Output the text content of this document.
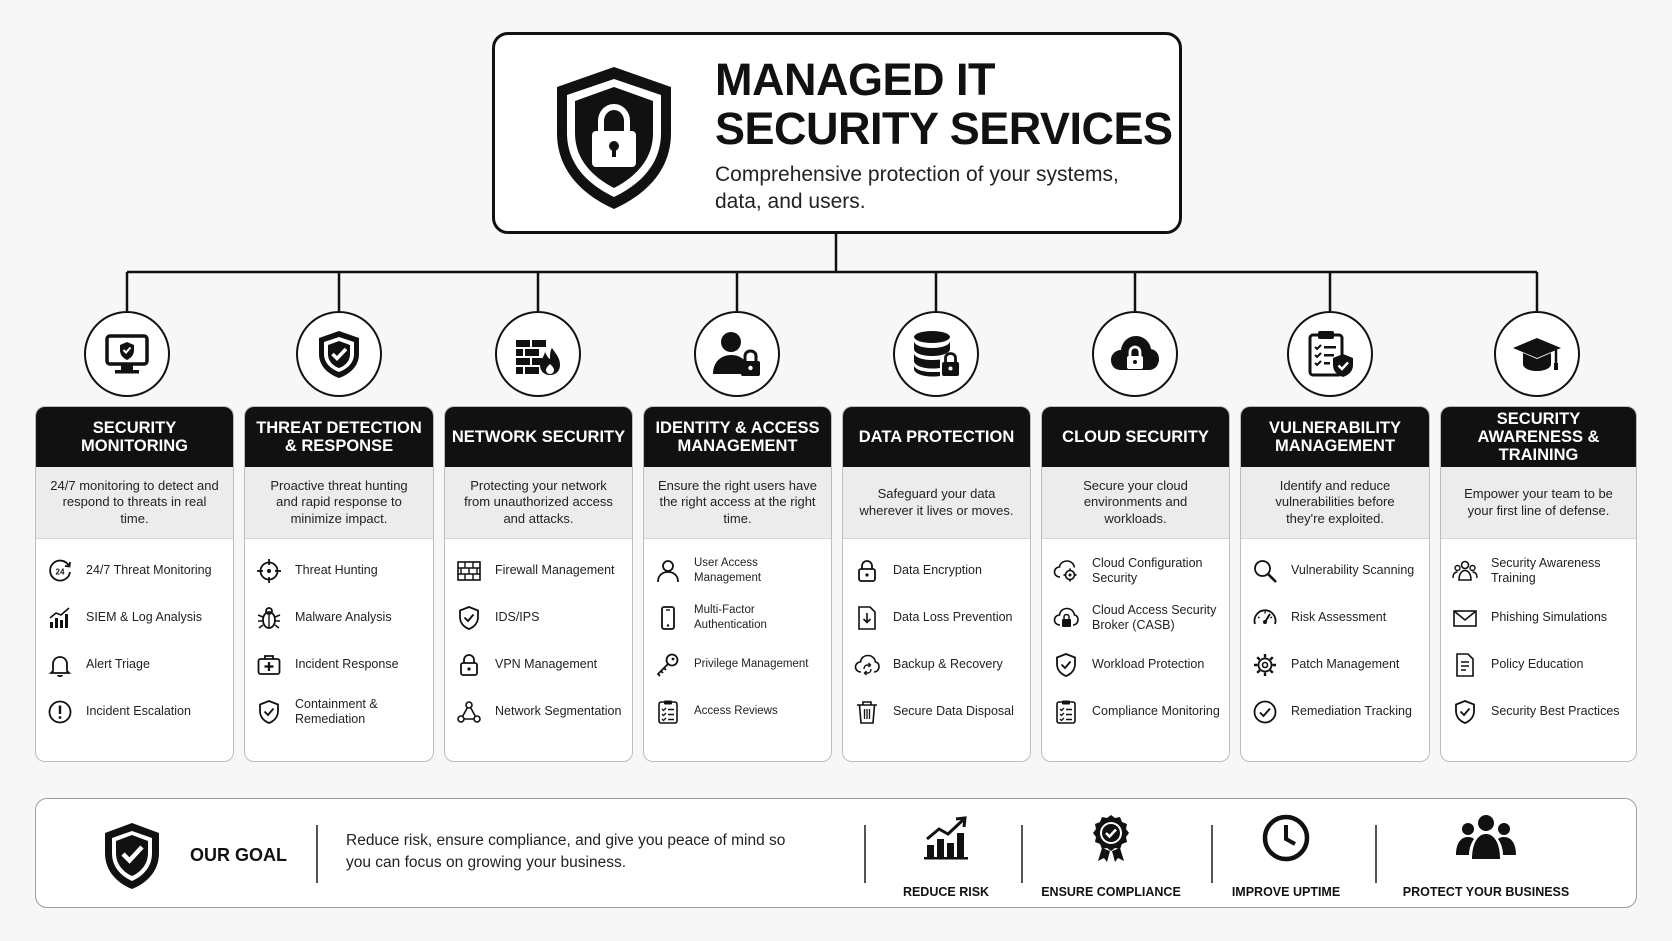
MANAGED IT
SECURITY SERVICES
Comprehensive protection of your systems, data, and users.
SECURITY MONITORING
24/7 monitoring to detect and respond to threats in real time.
24 24/7 Threat Monitoring
SIEM & Log Analysis
Alert Triage
Incident Escalation
THREAT DETECTION & RESPONSE
Proactive threat hunting and rapid response to minimize impact.
Threat Hunting
Malware Analysis
Incident Response
Containment & Remediation
NETWORK SECURITY
Protecting your network from unauthorized access and attacks.
Firewall Management
IDS/IPS
VPN Management
Network Segmentation
IDENTITY & ACCESS MANAGEMENT
Ensure the right users have the right access at the right time.
User Access Management
Multi-Factor Authentication
Privilege Management
Access Reviews
DATA PROTECTION
Safeguard your data wherever it lives or moves.
Data Encryption
Data Loss Prevention
Backup & Recovery
Secure Data Disposal
CLOUD SECURITY
Secure your cloud environments and workloads.
Cloud Configuration Security
Cloud Access Security Broker (CASB)
Workload Protection
Compliance Monitoring
VULNERABILITY MANAGEMENT
Identify and reduce vulnerabilities before they're exploited.
Vulnerability Scanning
Risk Assessment
Patch Management
Remediation Tracking
SECURITY AWARENESS & TRAINING
Empower your team to be your first line of defense.
Security Awareness Training
Phishing Simulations
Policy Education
Security Best Practices
OUR GOAL
Reduce risk, ensure compliance, and give you peace of mind so you can focus on growing your business.
REDUCE RISK	ENSURE COMPLIANCE	IMPROVE UPTIME	PROTECT YOUR BUSINESS
